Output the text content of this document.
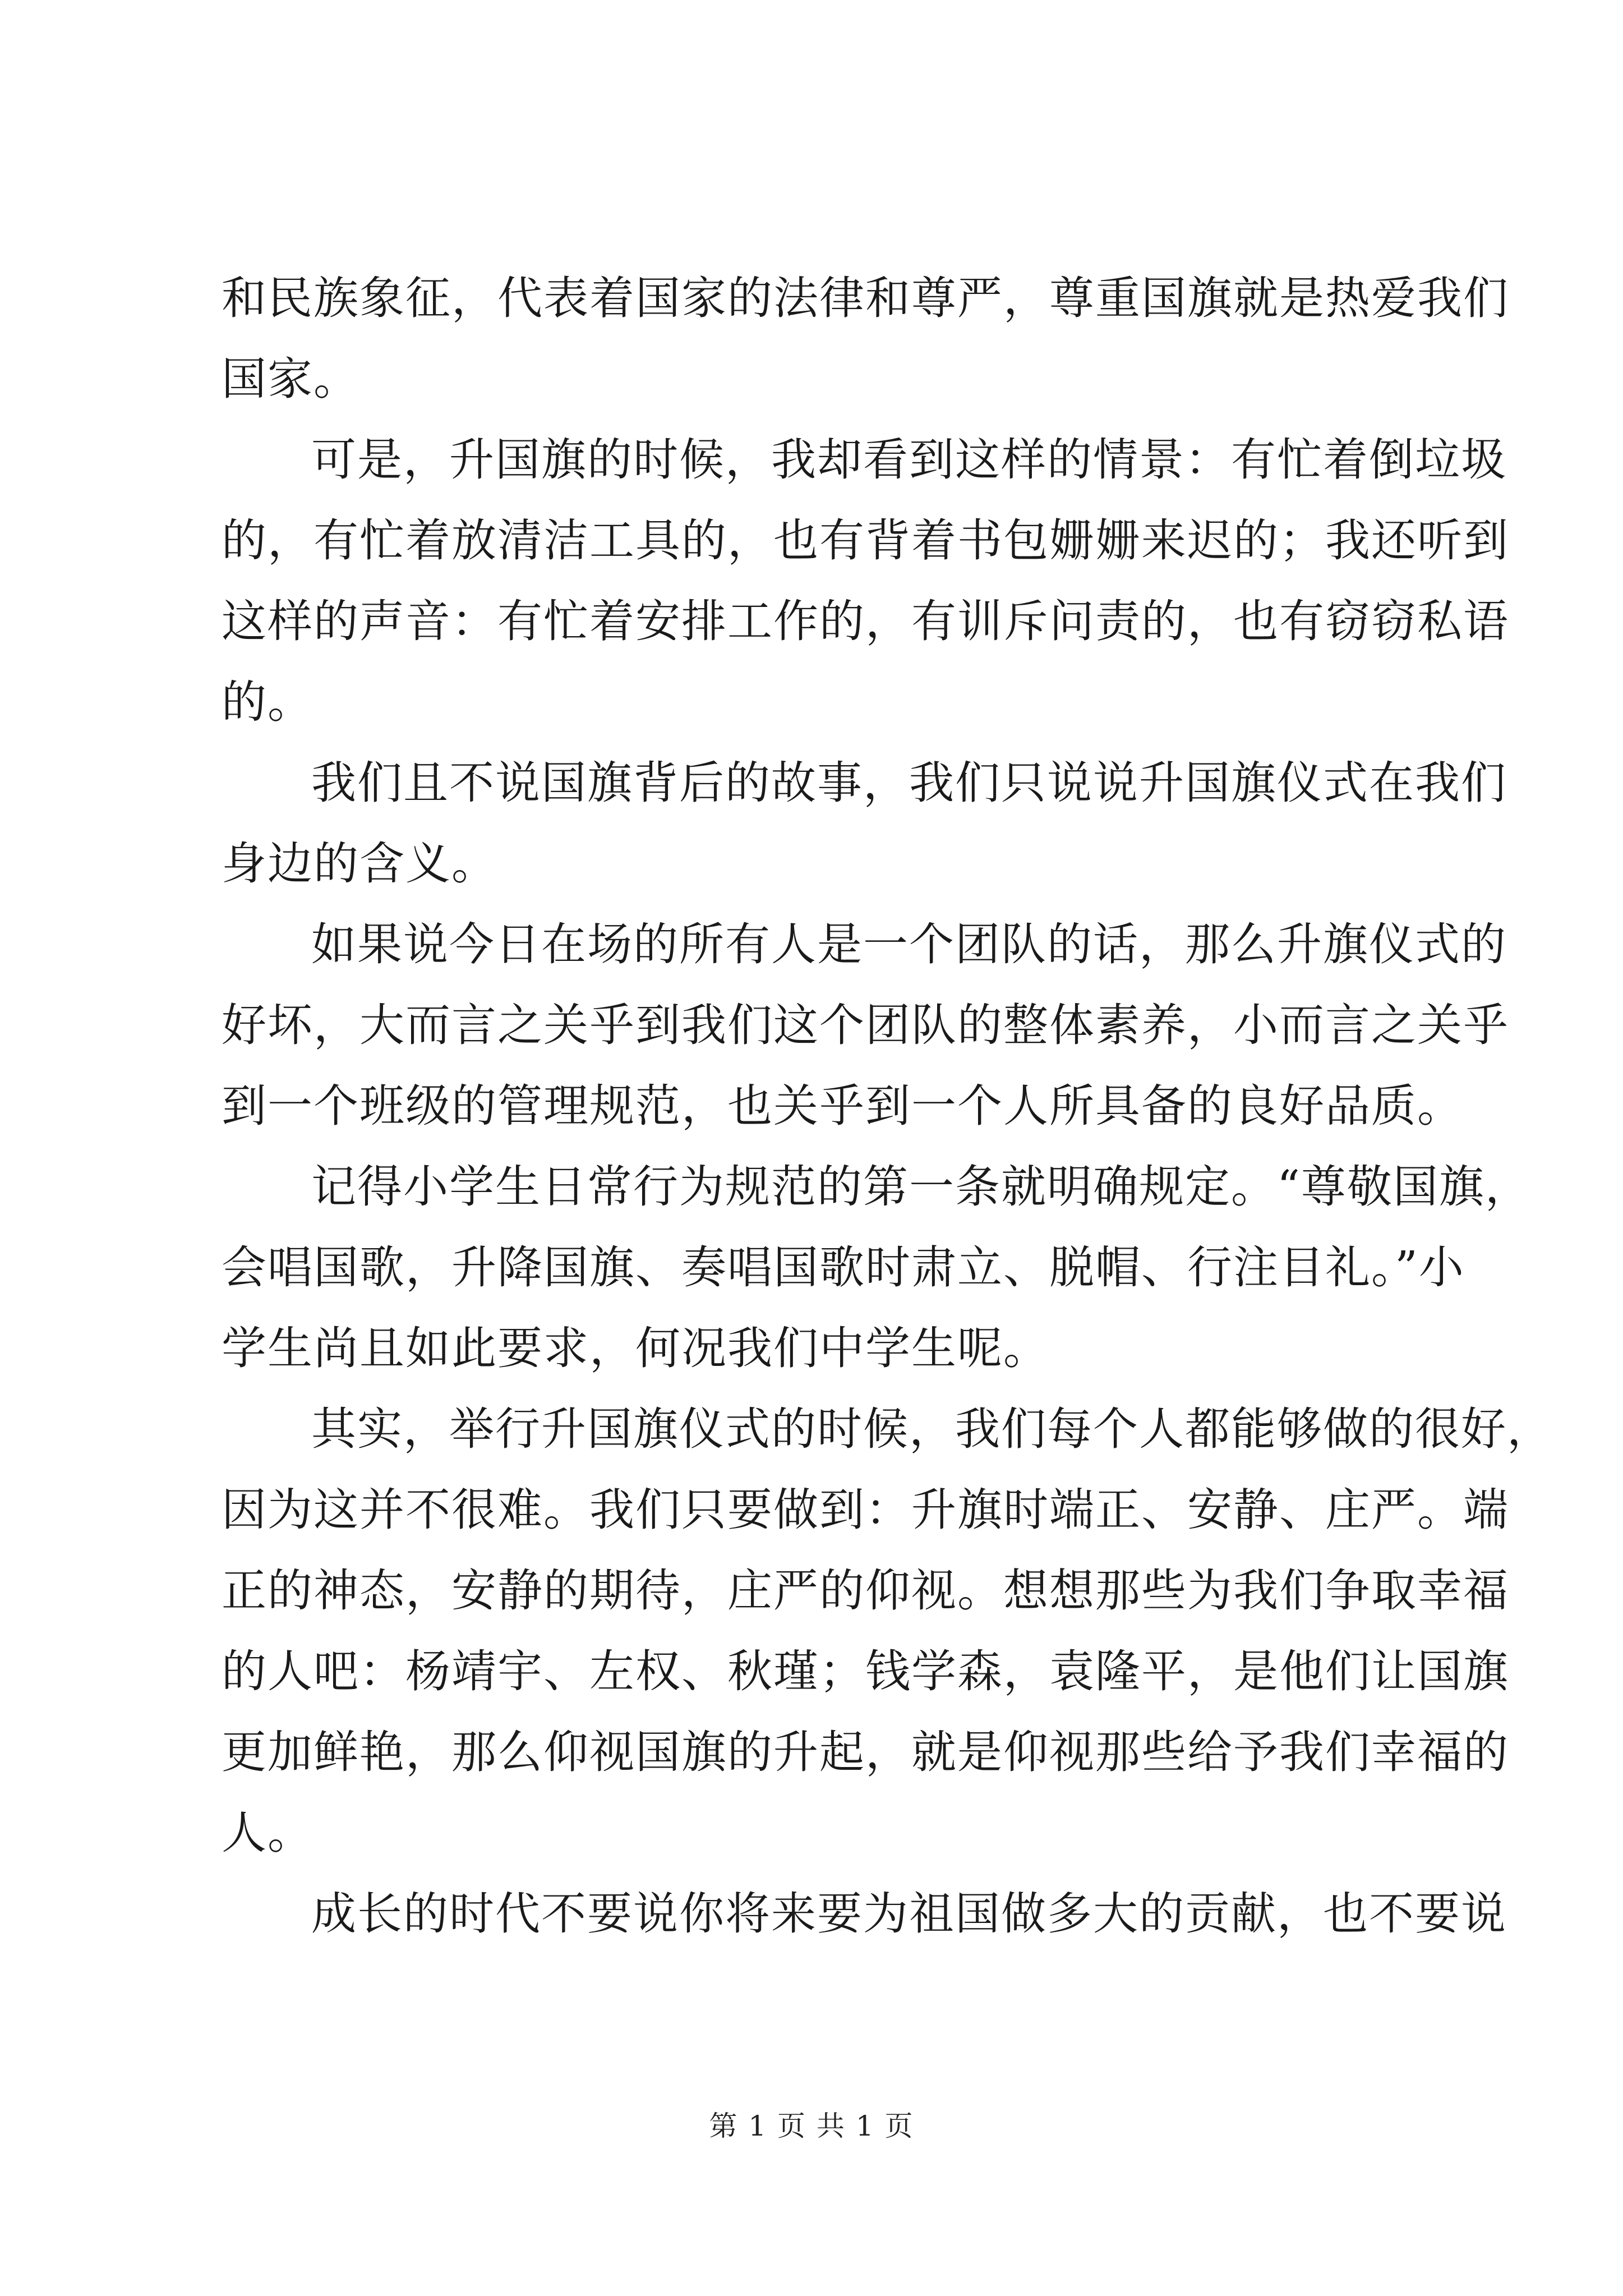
和民族象征，代表着国家的法律和尊严，尊重国旗就是热爱我们
国家。
可是，升国旗的时候，我却看到这样的情景：有忙着倒垃圾
的，有忙着放清洁工具的，也有背着书包姗姗来迟的；我还听到
这样的声音：有忙着安排工作的，有训斥问责的，也有窃窃私语
的。
我们且不说国旗背后的故事，我们只说说升国旗仪式在我们
身边的含义。
如果说今日在场的所有人是一个团队的话，那么升旗仪式的
好坏，大而言之关乎到我们这个团队的整体素养，小而言之关乎
到一个班级的管理规范，也关乎到一个人所具备的良好品质。
记得小学生日常行为规范的第一条就明确规定。“尊敬国旗，
会唱国歌，升降国旗、奏唱国歌时肃立、脱帽、行注目礼。”小
学生尚且如此要求，何况我们中学生呢。
其实，举行升国旗仪式的时候，我们每个人都能够做的很好，
因为这并不很难。我们只要做到：升旗时端正、安静、庄严。端
正的神态，安静的期待，庄严的仰视。想想那些为我们争取幸福
的人吧：杨靖宇、左权、秋瑾；钱学森，袁隆平，是他们让国旗
更加鲜艳，那么仰视国旗的升起，就是仰视那些给予我们幸福的
人。
成长的时代不要说你将来要为祖国做多大的贡献，也不要说
第 1 页 共 1 页
